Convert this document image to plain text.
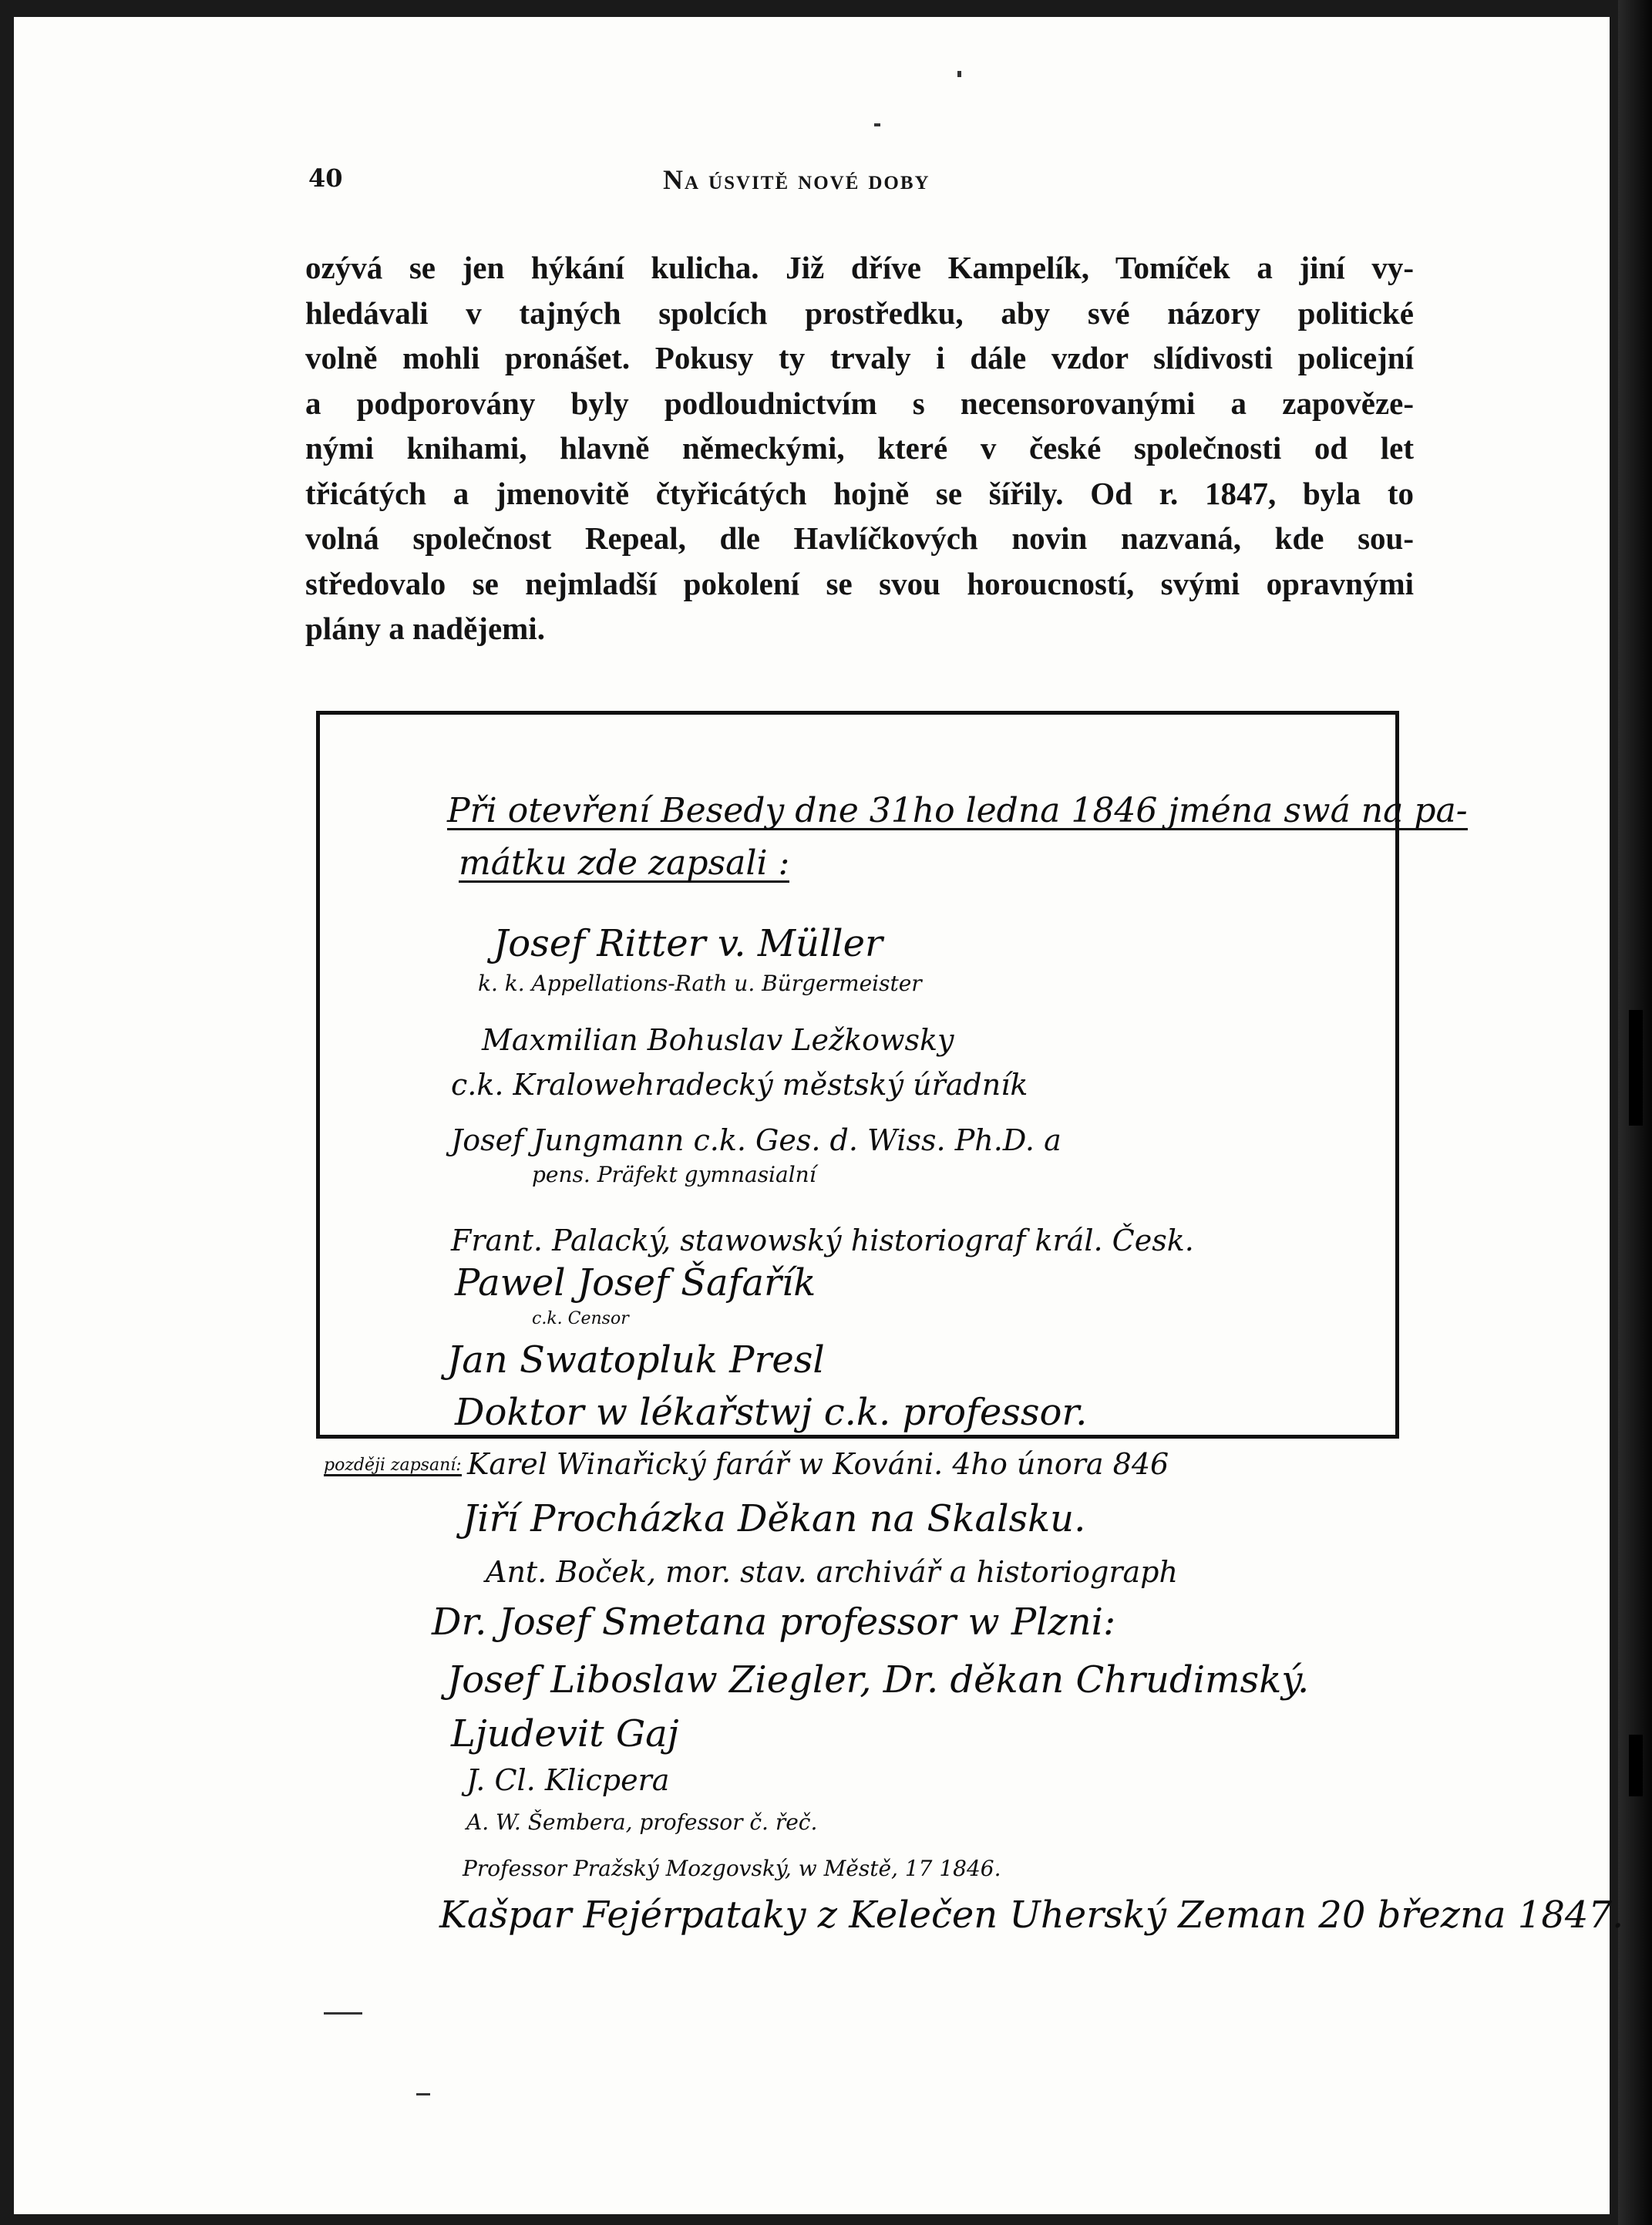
40	Na úsvitě nové doby
ozývá se jen hýkání kulicha. Již dříve Kampelík, Tomíček a jiní vy-
hledávali v tajných spolcích prostředku, aby své názory politické
volně mohli pronášet. Pokusy ty trvaly i dále vzdor slídivosti policejní
a podporovány byly podloudnictvím s necensorovanými a zapověze-
nými knihami, hlavně německými, které v české společnosti od let
třicátých a jmenovitě čtyřicátých hojně se šířily. Od r. 1847, byla to
volná společnost Repeal, dle Havlíčkových novin nazvaná, kde sou-
středovalo se nejmladší pokolení se svou horoucností, svými opravnými
plány a nadějemi.
Při otevření Besedy dne 31ho ledna 1846 jména swá na pa-
mátku zde zapsali :
Josef Ritter v. Müller
k. k. Appellations-Rath u. Bürgermeister
Maxmilian Bohuslav Ležkowsky
c.k. Kralowehradecký městský úřadník
Josef Jungmann c.k. Ges. d. Wiss. Ph.D. a
pens. Präfekt gymnasialní
Frant. Palacký, stawowský historiograf král. Česk.
Pawel Josef Šafařík
c.k. Censor
Jan Swatopluk Presl
Doktor w lékařstwj c.k. professor.
později zapsaní: Karel Winařický farář w Kováni. 4ho února 846
Jiří Procházka Děkan na Skalsku.
Ant. Boček, mor. stav. archivář a historiograph
Dr. Josef Smetana professor w Plzni:
Josef Liboslaw Ziegler, Dr. děkan Chrudimský.
Ljudevit Gaj
J. Cl. Klicpera
A. W. Šembera, professor č. řeč.
Professor Pražský Mozgovský, w Městě, 17 1846.
Kašpar Fejérpataky z Kelečen Uherský Zeman 20 března 1847.
